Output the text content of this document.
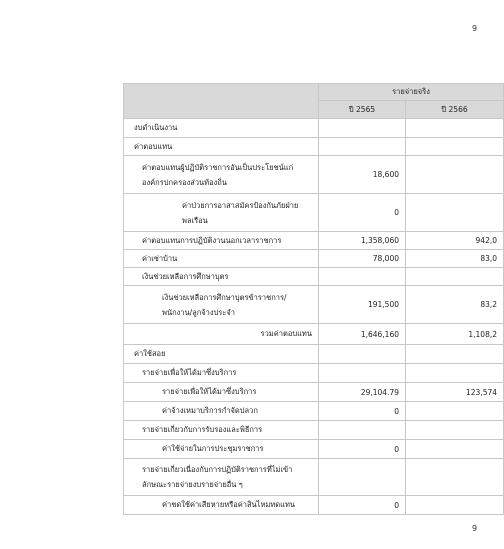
9
	รายจ่ายจริง	
	ปี 2565	ปี 2566
งบดำเนินงาน		
ค่าตอบแทน		
ค่าตอบแทนผู้ปฏิบัติราชการอันเป็นประโยชน์แก่องค์กรปกครองส่วนท้องถิ่น	18,600	
ค่าป่วยการอาสาสมัครป้องกันภัยฝ่ายพลเรือน	0	
ค่าตอบแทนการปฏิบัติงานนอกเวลาราชการ	1,358,060	942,0
ค่าเช่าบ้าน	78,000	83,0
เงินช่วยเหลือการศึกษาบุตร		
เงินช่วยเหลือการศึกษาบุตรข้าราชการ/พนักงาน/ลูกจ้างประจำ	191,500	83,2
รวมค่าตอบแทน	1,646,160	1,108,2
ค่าใช้สอย		
รายจ่ายเพื่อให้ได้มาซึ่งบริการ		
รายจ่ายเพื่อให้ได้มาซึ่งบริการ	29,104.79	123,574
ค่าจ้างเหมาบริการกำจัดปลวก	0	
รายจ่ายเกี่ยวกับการรับรองและพิธีการ		
ค่าใช้จ่ายในการประชุมราชการ	0	
รายจ่ายเกี่ยวเนื่องกับการปฏิบัติราชการที่ไม่เข้าลักษณะรายจ่ายงบรายจ่ายอื่น ๆ		
ค่าชดใช้ค่าเสียหายหรือค่าสินไหมทดแทน	0	
9
